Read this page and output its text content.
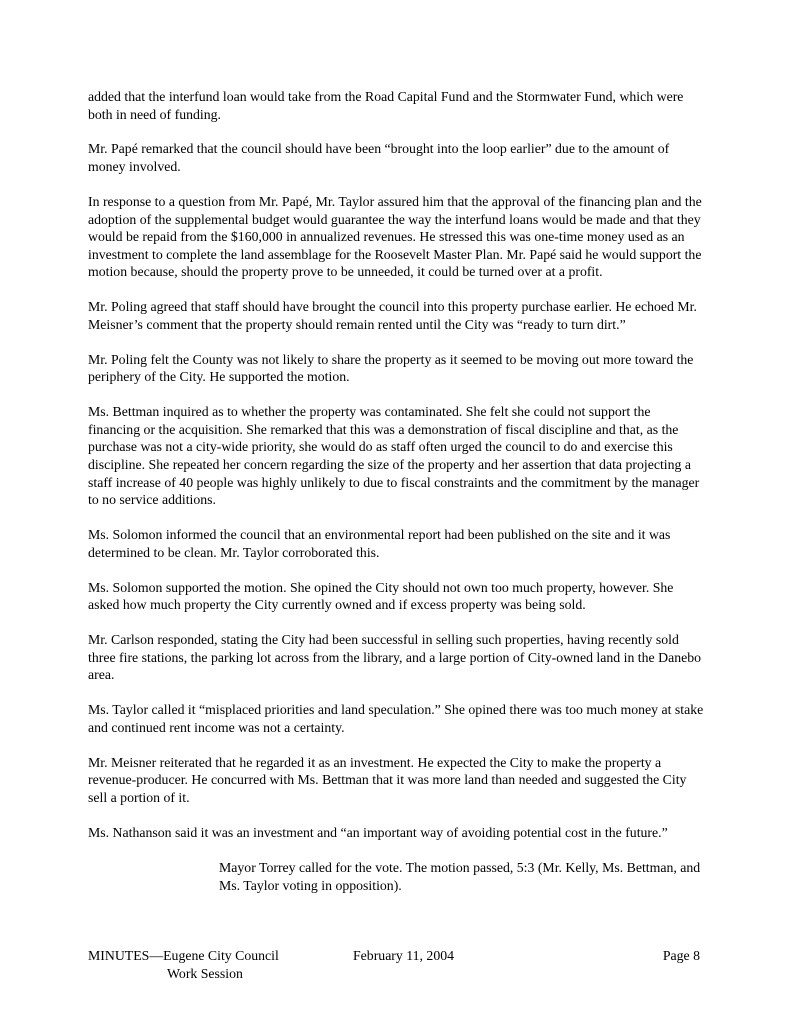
added that the interfund loan would take from the Road Capital Fund and the Stormwater Fund, which were both in need of funding.

Mr. Papé remarked that the council should have been “brought into the loop earlier” due to the amount of money involved.

In response to a question from Mr. Papé, Mr. Taylor assured him that the approval of the financing plan and the adoption of the supplemental budget would guarantee the way the interfund loans would be made and that they would be repaid from the $160,000 in annualized revenues. He stressed this was one-time money used as an investment to complete the land assemblage for the Roosevelt Master Plan. Mr. Papé said he would support the motion because, should the property prove to be unneeded, it could be turned over at a profit.

Mr. Poling agreed that staff should have brought the council into this property purchase earlier. He echoed Mr. Meisner’s comment that the property should remain rented until the City was “ready to turn dirt.”

Mr. Poling felt the County was not likely to share the property as it seemed to be moving out more toward the periphery of the City. He supported the motion.

Ms. Bettman inquired as to whether the property was contaminated. She felt she could not support the financing or the acquisition. She remarked that this was a demonstration of fiscal discipline and that, as the purchase was not a city-wide priority, she would do as staff often urged the council to do and exercise this discipline. She repeated her concern regarding the size of the property and her assertion that data projecting a staff increase of 40 people was highly unlikely to due to fiscal constraints and the commitment by the manager to no service additions.

Ms. Solomon informed the council that an environmental report had been published on the site and it was determined to be clean. Mr. Taylor corroborated this.

Ms. Solomon supported the motion. She opined the City should not own too much property, however. She asked how much property the City currently owned and if excess property was being sold.

Mr. Carlson responded, stating the City had been successful in selling such properties, having recently sold three fire stations, the parking lot across from the library, and a large portion of City-owned land in the Danebo area.

Ms. Taylor called it “misplaced priorities and land speculation.” She opined there was too much money at stake and continued rent income was not a certainty.

Mr. Meisner reiterated that he regarded it as an investment. He expected the City to make the property a revenue-producer. He concurred with Ms. Bettman that it was more land than needed and suggested the City sell a portion of it.

Ms. Nathanson said it was an investment and “an important way of avoiding potential cost in the future.”

Mayor Torrey called for the vote. The motion passed, 5:3 (Mr. Kelly, Ms. Bettman, and Ms. Taylor voting in opposition).

MINUTES—Eugene City Council
Work Session
February 11, 2004	Page 8
